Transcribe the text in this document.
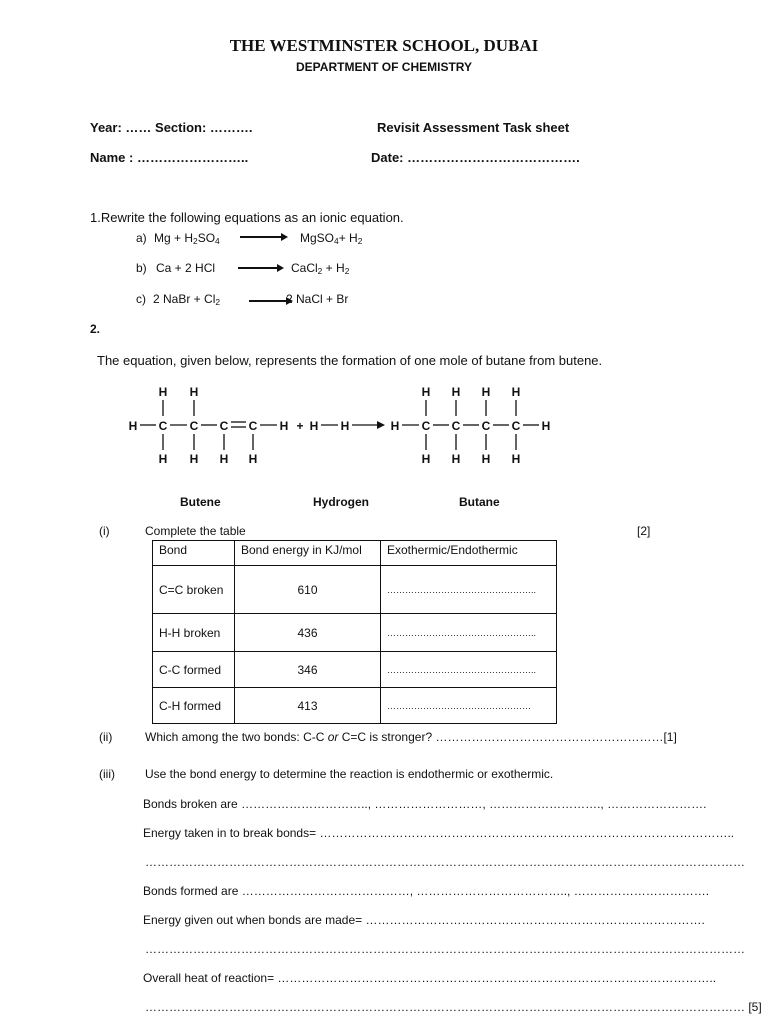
THE WESTMINSTER SCHOOL, DUBAI
DEPARTMENT OF CHEMISTRY
Year: …… Section: ……….
Name : ……………………..
Revisit Assessment Task sheet
Date: ………………………………….
1.Rewrite the following equations as an ionic equation.
a) $Mg + H_2SO_4$	MgSO$_4$+ $H_2$
b) Ca + 2 HCl	CaCl$_2$ + $H_2$
c) 2 NaBr + $Cl_2$	2 NaCl + Br
2.
The equation, given below, represents the formation of one mole of butane from butene.
H H
H C C C C H
H H H H
+ H H
H H H H
H C C C C H
H H H H
Butene	Hydrogen	Butane
(i)	Complete the table	[2]
Bond	Bond energy in KJ/mol	Exothermic/Endothermic
C=C broken	610	…………………………………………..
H-H broken	436	…………………………………………..
C-C formed	346	…………………………………………..
C-H formed	413	…………………………………………
(ii)	Which among the two bonds: C-C or C=C is stronger? …………………………………………………[1]
(iii)	Use the bond energy to determine the reaction is endothermic or exothermic.
Bonds broken are ………………………….., ………………………, ………………………., …………………….
Energy taken in to break bonds= …………………………………………………………………………………………..
……………………………………………………………………………………………………………………………………
Bonds formed are ……………………………………, ……………………………….., …………………………….
Energy given out when bonds are made= ………………………………………………………………………….
……………………………………………………………………………………………………………………………………
Overall heat of reaction= ………………………………………………………………………………………………..
…………………………………………………………………………………………………………………………………… [5]
